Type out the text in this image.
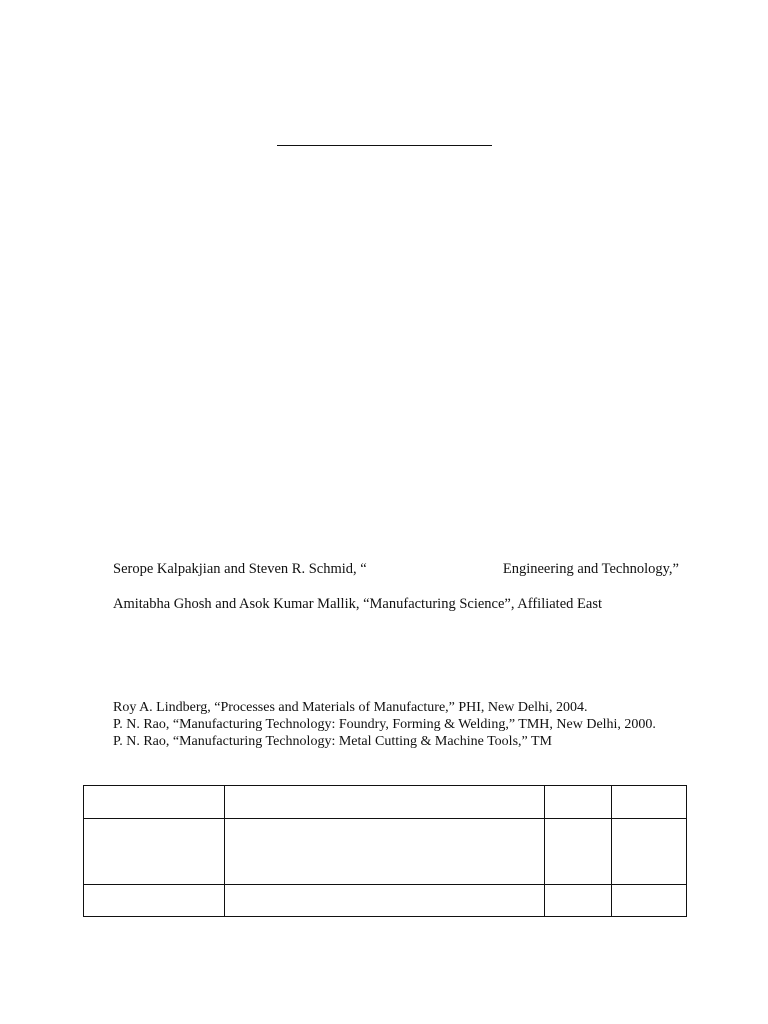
Serope Kalpakjian and Steven R. Schmid, “	Engineering and Technology,”
Amitabha Ghosh and Asok Kumar Mallik, “Manufacturing Science”, Affiliated East
Roy A. Lindberg, “Processes and Materials of Manufacture,” PHI, New Delhi, 2004.
P. N. Rao, “Manufacturing Technology: Foundry, Forming & Welding,” TMH, New Delhi, 2000.
P. N. Rao, “Manufacturing Technology: Metal Cutting & Machine Tools,” TM
